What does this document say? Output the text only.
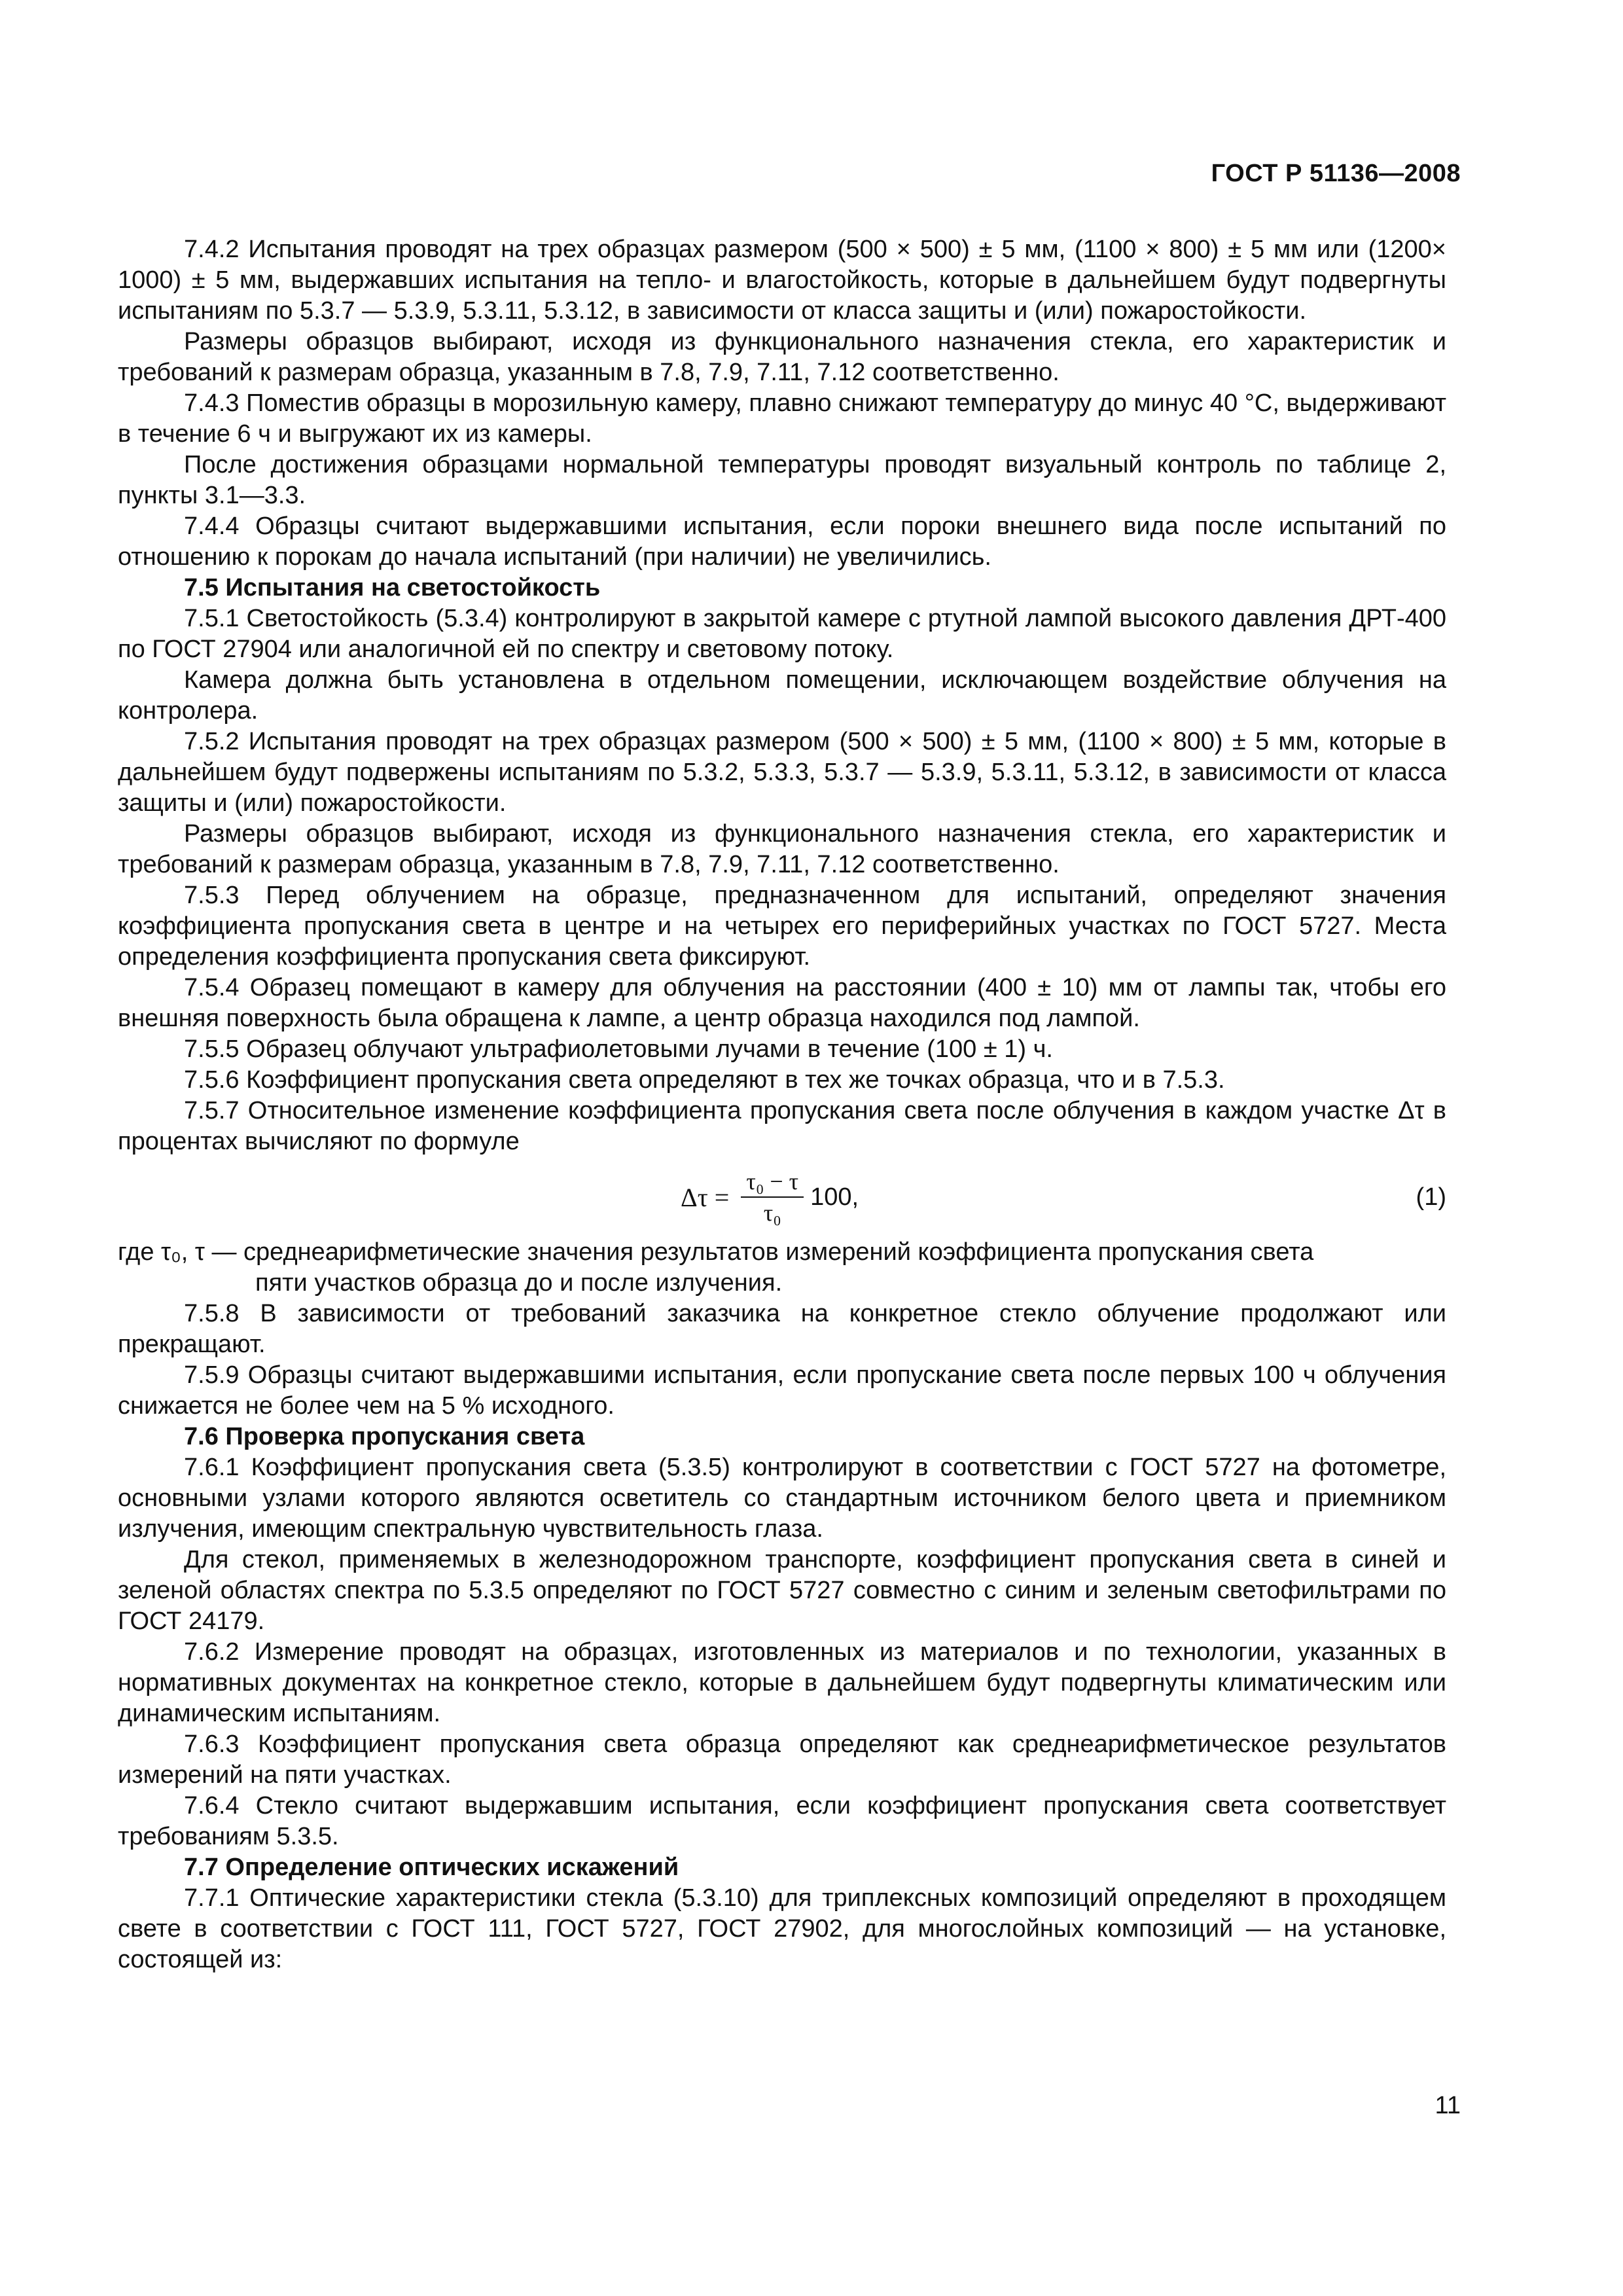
ГОСТ Р 51136—2008

7.4.2 Испытания проводят на трех образцах размером (500 × 500) ± 5 мм, (1100 × 800) ± 5 мм или (1200× 1000) ± 5 мм, выдержавших испытания на тепло- и влагостойкость, которые в дальнейшем будут подвергнуты испытаниям по 5.3.7 — 5.3.9, 5.3.11, 5.3.12, в зависимости от класса защиты и (или) пожаростойкости.

Размеры образцов выбирают, исходя из функционального назначения стекла, его характеристик и требований к размерам образца, указанным в 7.8, 7.9, 7.11, 7.12 соответственно.

7.4.3 Поместив образцы в морозильную камеру, плавно снижают температуру до минус 40 °С, выдерживают в течение 6 ч и выгружают их из камеры.

После достижения образцами нормальной температуры проводят визуальный контроль по таблице 2, пункты 3.1—3.3.

7.4.4 Образцы считают выдержавшими испытания, если пороки внешнего вида после испытаний по отношению к порокам до начала испытаний (при наличии) не увеличились.

7.5 Испытания на светостойкость

7.5.1 Светостойкость (5.3.4) контролируют в закрытой камере с ртутной лампой высокого давления ДРТ-400 по ГОСТ 27904 или аналогичной ей по спектру и световому потоку.

Камера должна быть установлена в отдельном помещении, исключающем воздействие облучения на контролера.

7.5.2 Испытания проводят на трех образцах размером (500 × 500) ± 5 мм, (1100 × 800) ± 5 мм, которые в дальнейшем будут подвержены испытаниям по 5.3.2, 5.3.3, 5.3.7 — 5.3.9, 5.3.11, 5.3.12, в зависимости от класса защиты и (или) пожаростойкости.

Размеры образцов выбирают, исходя из функционального назначения стекла, его характеристик и требований к размерам образца, указанным в 7.8, 7.9, 7.11, 7.12 соответственно.

7.5.3 Перед облучением на образце, предназначенном для испытаний, определяют значения коэффициента пропускания света в центре и на четырех его периферийных участках по ГОСТ 5727. Места определения коэффициента пропускания света фиксируют.

7.5.4 Образец помещают в камеру для облучения на расстоянии (400 ± 10) мм от лампы так, чтобы его внешняя поверхность была обращена к лампе, а центр образца находился под лампой.

7.5.5 Образец облучают ультрафиолетовыми лучами в течение (100 ± 1) ч.

7.5.6 Коэффициент пропускания света определяют в тех же точках образца, что и в 7.5.3.

7.5.7 Относительное изменение коэффициента пропускания света после облучения в каждом участке Δτ в процентах вычисляют по формуле

$\Delta\tau = \frac{\text{τ₀ − τ}}{\text{τ₀}} 100$,	(1)

где τ₀, τ — среднеарифметические значения результатов измерений коэффициента пропускания света

пяти участков образца до и после излучения.

7.5.8 В зависимости от требований заказчика на конкретное стекло облучение продолжают или прекращают.

7.5.9 Образцы считают выдержавшими испытания, если пропускание света после первых 100 ч облучения снижается не более чем на 5 % исходного.

7.6 Проверка пропускания света

7.6.1 Коэффициент пропускания света (5.3.5) контролируют в соответствии с ГОСТ 5727 на фотометре, основными узлами которого являются осветитель со стандартным источником белого цвета и приемником излучения, имеющим спектральную чувствительность глаза.

Для стекол, применяемых в железнодорожном транспорте, коэффициент пропускания света в синей и зеленой областях спектра по 5.3.5 определяют по ГОСТ 5727 совместно с синим и зеленым светофильтрами по ГОСТ 24179.

7.6.2 Измерение проводят на образцах, изготовленных из материалов и по технологии, указанных в нормативных документах на конкретное стекло, которые в дальнейшем будут подвергнуты климатическим или динамическим испытаниям.

7.6.3 Коэффициент пропускания света образца определяют как среднеарифметическое результатов измерений на пяти участках.

7.6.4 Стекло считают выдержавшим испытания, если коэффициент пропускания света соответствует требованиям 5.3.5.

7.7 Определение оптических искажений

7.7.1 Оптические характеристики стекла (5.3.10) для триплексных композиций определяют в проходящем свете в соответствии с ГОСТ 111, ГОСТ 5727, ГОСТ 27902, для многослойных композиций — на установке, состоящей из:

11
